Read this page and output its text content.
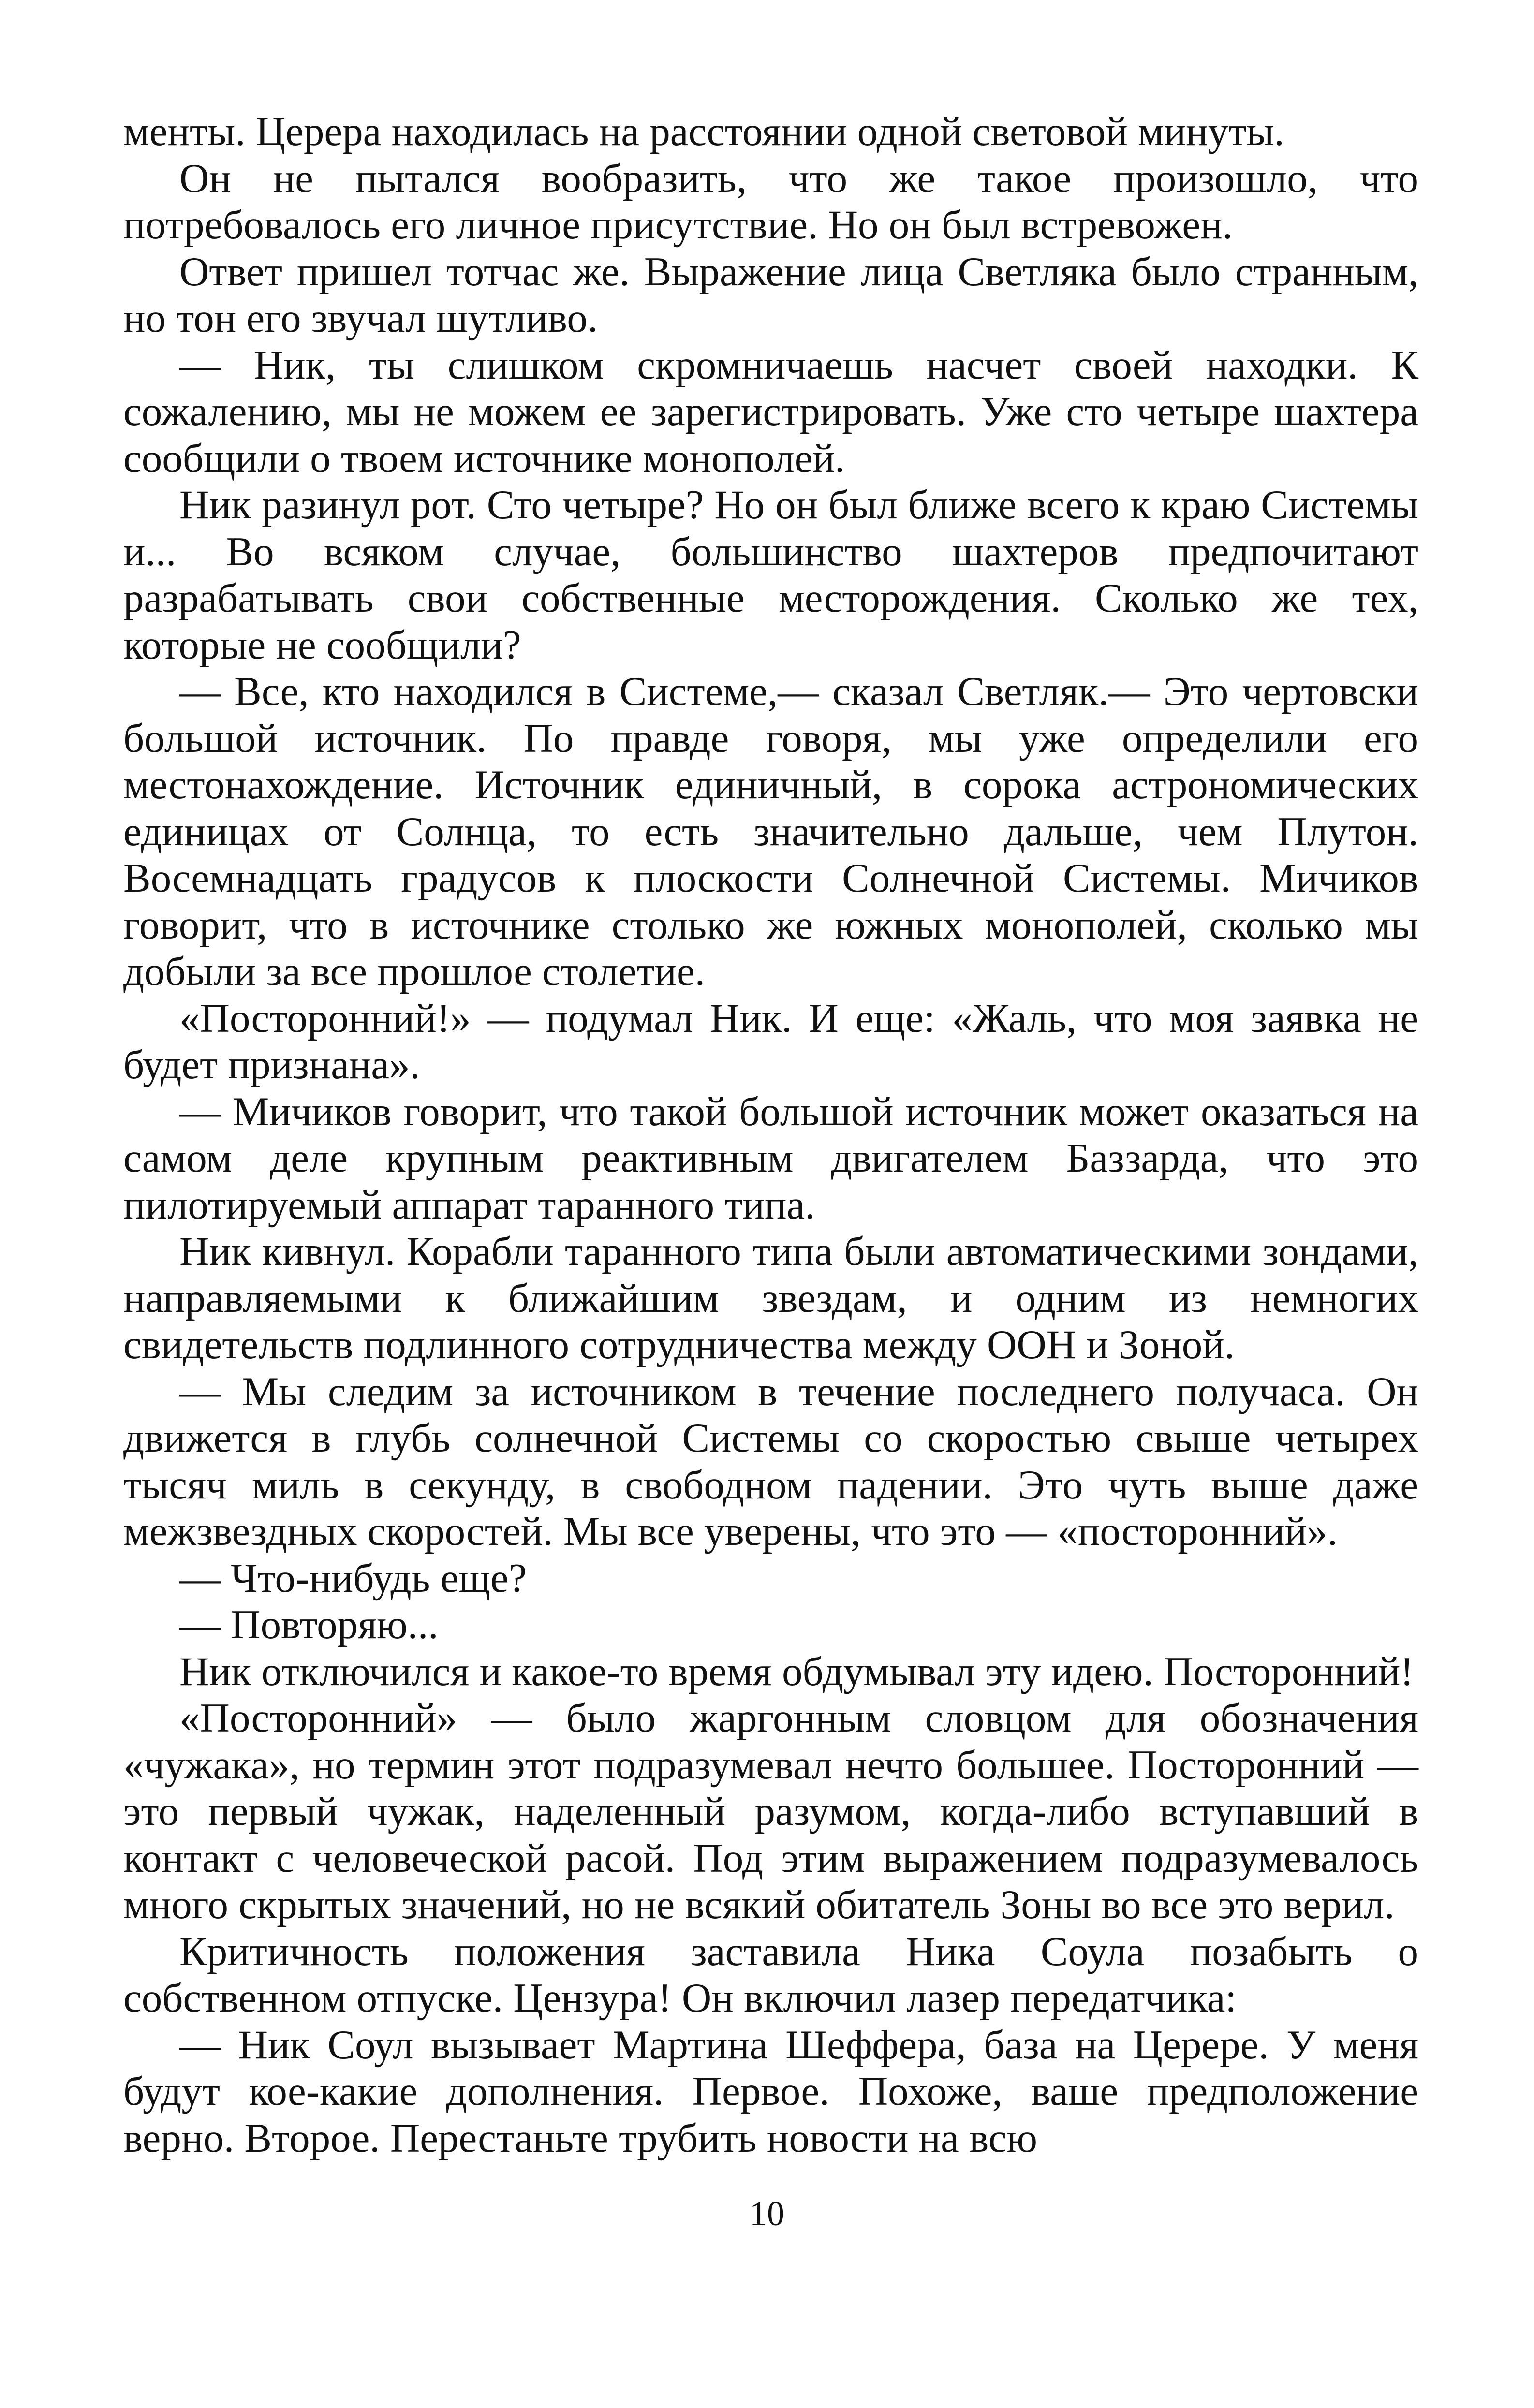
менты. Церера находилась на расстоянии одной световой минуты.

Он не пытался вообразить, что же такое произошло, что потребовалось его личное присутствие. Но он был встревожен.

Ответ пришел тотчас же. Выражение лица Светляка было странным, но тон его звучал шутливо.

— Ник, ты слишком скромничаешь насчет своей находки. К сожалению, мы не можем ее зарегистрировать. Уже сто четыре шахтера сообщили о твоем источнике монополей.

Ник разинул рот. Сто четыре? Но он был ближе всего к краю Системы и... Во всяком случае, большинство шахтеров предпочитают разрабатывать свои собственные месторождения. Сколько же тех, которые не сообщили?

— Все, кто находился в Системе,— сказал Светляк.— Это чертовски большой источник. По правде говоря, мы уже определили его местонахождение. Источник единичный, в сорока астрономических единицах от Солнца, то есть значительно дальше, чем Плутон. Восемнадцать градусов к плоскости Солнечной Системы. Мичиков говорит, что в источнике столько же южных монополей, сколько мы добыли за все прошлое столетие.

«Посторонний!» — подумал Ник. И еще: «Жаль, что моя заявка не будет признана».

— Мичиков говорит, что такой большой источник может оказаться на самом деле крупным реактивным двигателем Баззарда, что это пилотируемый аппарат таранного типа.

Ник кивнул. Корабли таранного типа были автоматическими зондами, направляемыми к ближайшим звездам, и одним из немногих свидетельств подлинного сотрудничества между ООН и Зоной.

— Мы следим за источником в течение последнего получаса. Он движется в глубь солнечной Системы со скоростью свыше четырех тысяч миль в секунду, в свободном падении. Это чуть выше даже межзвездных скоростей. Мы все уверены, что это — «посторонний».

— Что-нибудь еще?

— Повторяю...

Ник отключился и какое-то время обдумывал эту идею. Посторонний!

«Посторонний» — было жаргонным словцом для обозначения «чужака», но термин этот подразумевал нечто большее. Посторонний — это первый чужак, наделенный разумом, когда-либо вступавший в контакт с человеческой расой. Под этим выражением подразумевалось много скрытых значений, но не всякий обитатель Зоны во все это верил.

Критичность положения заставила Ника Соула позабыть о собственном отпуске. Цензура! Он включил лазер передатчика:

— Ник Соул вызывает Мартина Шеффера, база на Церере. У меня будут кое-какие дополнения. Первое. Похоже, ваше предположение верно. Второе. Перестаньте трубить новости на всю

10
